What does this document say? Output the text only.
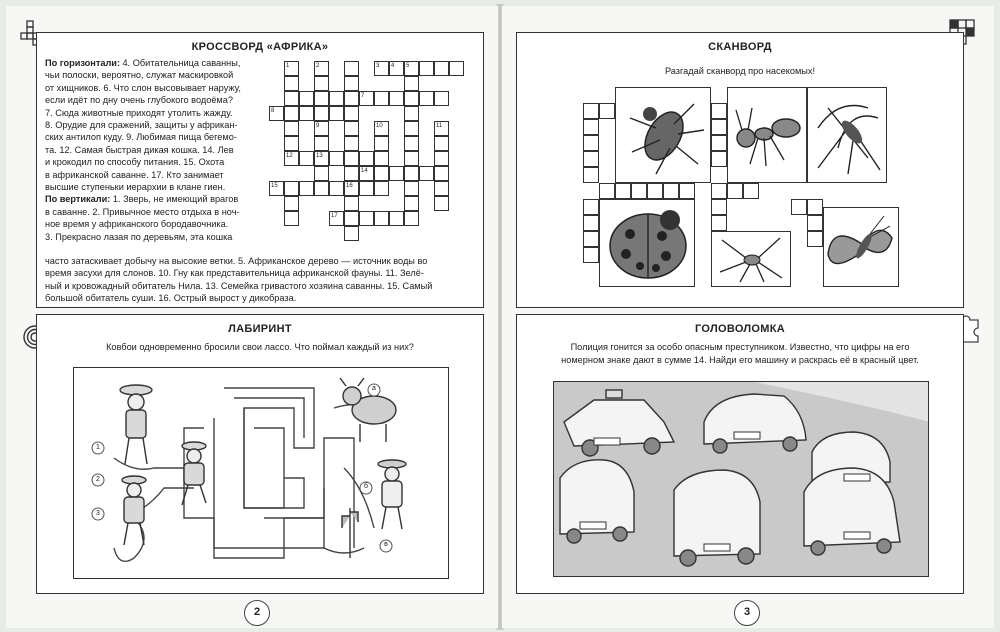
КРОССВОРД «АФРИКА»
По горизонтали: 4. Обитательница саванны,
чьи полоски, вероятно, служат маскировкой
от хищников. 6. Что слон высовывает наружу,
если идёт по дну очень глубокого водоёма?
7. Сюда животные приходят утолить жажду.
8. Орудие для сражений, защиты у африкан-
ских антилоп куду. 9. Любимая пища бегемо-
та. 12. Самая быстрая дикая кошка. 14. Лев
и крокодил по способу питания. 15. Охота
в африканской саванне. 17. Кто занимает
высшие ступеньки иерархии в клане гиен.
По вертикали: 1. Зверь, не имеющий врагов
в саванне. 2. Привычное место отдыха в ноч-
ное время у африканского бородавочника.
3. Прекрасно лазая по деревьям, эта кошка
часто затаскивает добычу на высокие ветки. 5. Африканское дерево — источник воды во
время засухи для слонов. 10. Гну как представительница африканской фауны. 11. Зелё-
ный и кровожадный обитатель Нила. 13. Семейка гривастого хозяина саванны. 15. Самый
большой обитатель суши. 16. Острый вырост у дикобраза.
1	2	3	4	5
7
8
9	10	11
12	13
14
15	16
17
ЛАБИРИНТ
Ковбои одновременно бросили свои лассо. Что поймал каждый из них?
1
2
3
а
б
в
2
СКАНВОРД
Разгадай сканворд про насекомых!
ГОЛОВОЛОМКА
Полиция гонится за особо опасным преступником. Известно, что цифры на его
номерном знаке дают в сумме 14. Найди его машину и раскрась её в красный цвет.
3
